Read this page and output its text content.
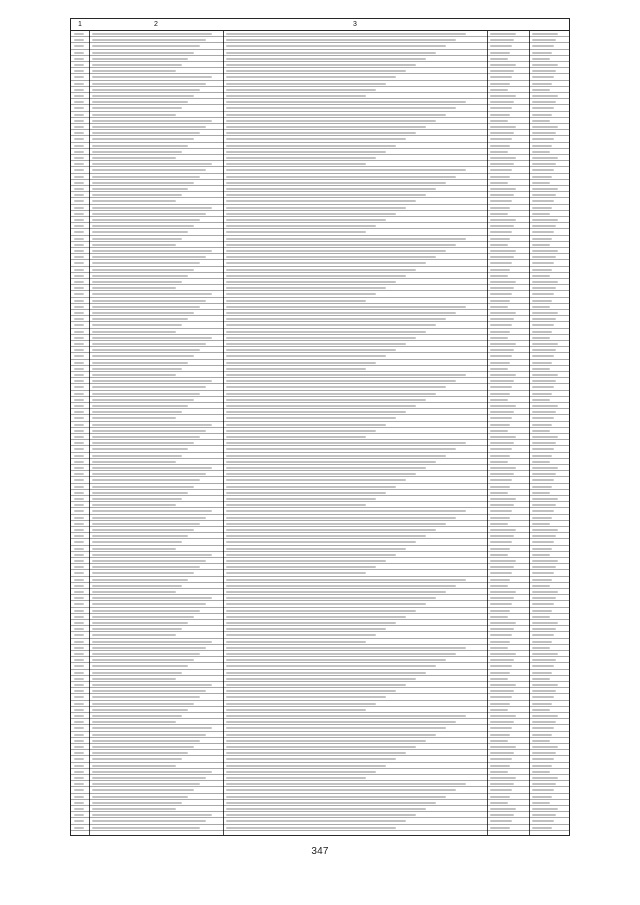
1	2	3
347
